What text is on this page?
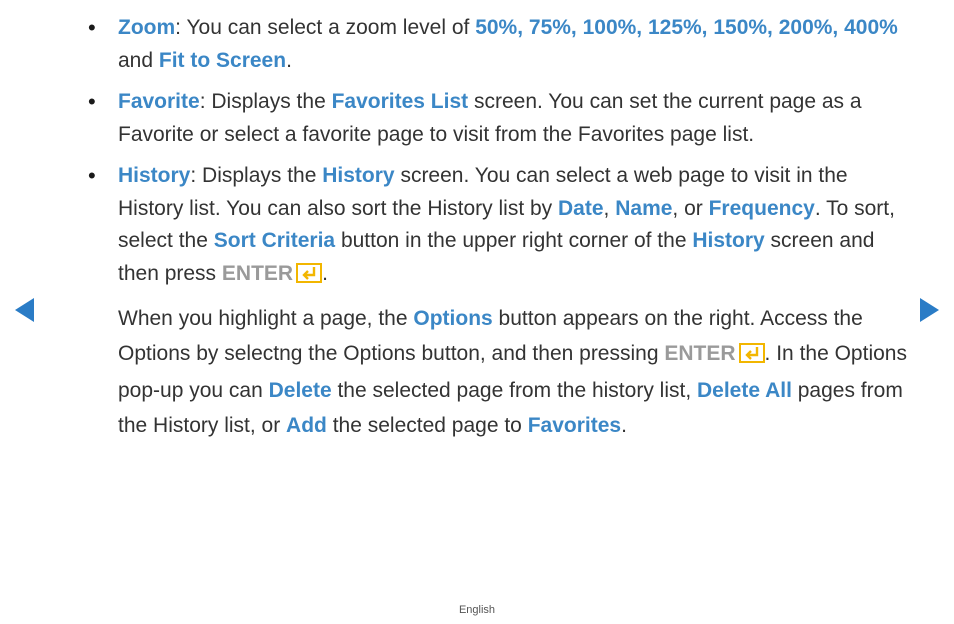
•	Zoom: You can select a zoom level of 50%, 75%, 100%, 125%, 150%, 200%, 400% and Fit to Screen.
•	Favorite: Displays the Favorites List screen. You can set the current page as a Favorite or select a favorite page to visit from the Favorites page list.
•	History: Displays the History screen. You can select a web page to visit in the History list. You can also sort the History list by Date, Name, or Frequency. To sort, select the Sort Criteria button in the upper right corner of the History screen and then press ENTER .
When you highlight a page, the Options button appears on the right. Access the Options by selectng the Options button, and then pressing ENTER . In the Options pop-up you can Delete the selected page from the history list, Delete All pages from the History list, or Add the selected page to Favorites.
English
